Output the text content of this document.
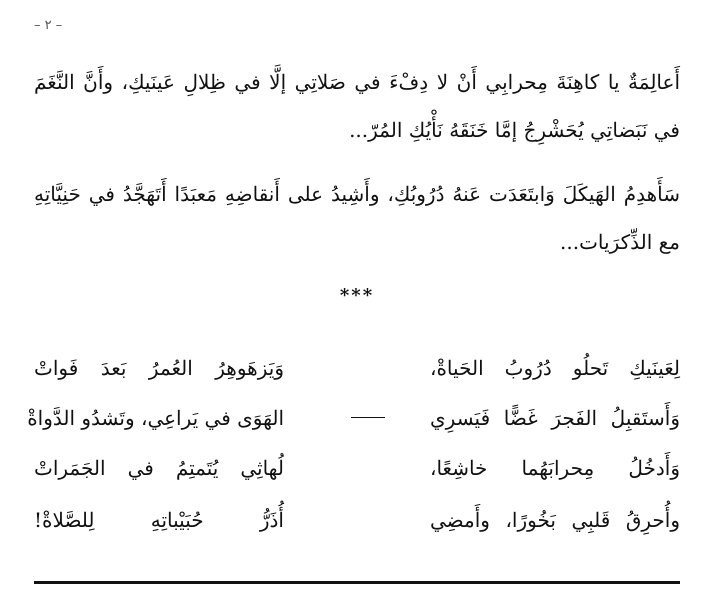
– ٢ –

أَعالِمَةٌ يا كاهِنَةَ مِحرابِي أَنْ لا دِفْءَ في صَلاتِي إلَّا في ظِلالِ عَينَيكِ، وأَنَّ النَّغَمَ في نَبَضاتِي يُحَشْرِجُ إمَّا خَنَقَهُ نَأْيُكِ المُرّ...

سَأَهدِمُ الهَيكَلَ وَابتَعَدَت عَنهُ دُرُوبُكِ، وأَشِيدُ على أَنقاضِهِ مَعبَدًا أَتَهَجَّدُ في حَنِيَّاتِهِ مع الذِّكرَيات...

***
لِعَينَيكِ تَحلُو دُرُوبُ الحَياةْ،
وَيَزهَوهِرُ العُمرُ بَعدَ فَواتْ
وَأَستَقبِلُ الفَجرَ غَضًّا فَيَسرِي
الهَوَى في يَراعِي، وتَشدُو الدَّواةْ
وَأَدخُلُ مِحرابَهُما خاشِعًا،
لُهاثِي يُتَمتِمُ في الجَمَراتْ
وأُحرِقُ قَلبِي بَخُورًا، وأَمضِي
أُذَرُّ حُبَيْباتِهِ لِلصَّلاةْ!
